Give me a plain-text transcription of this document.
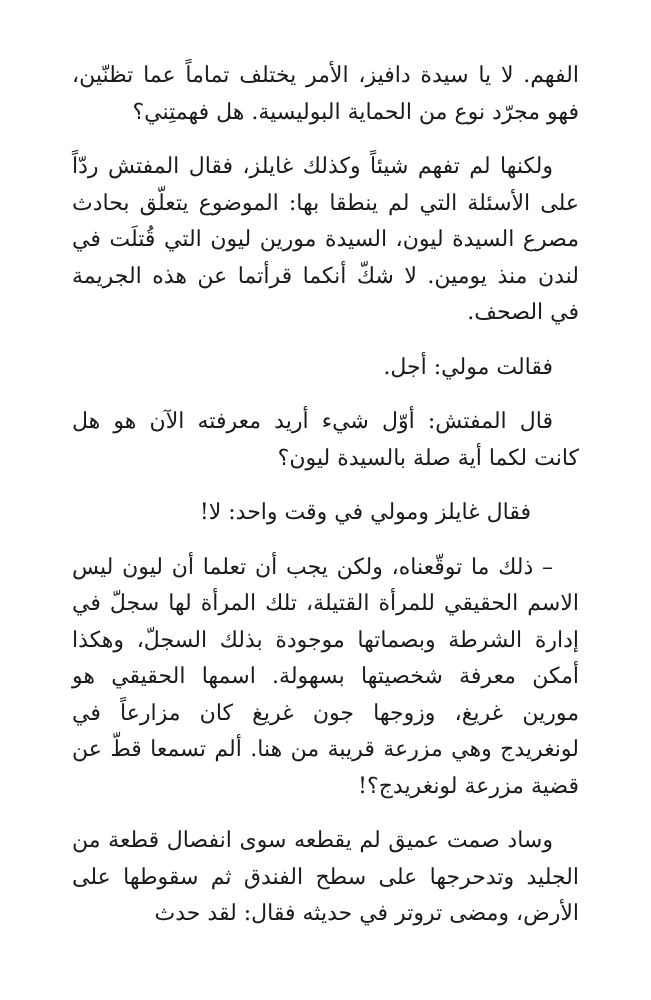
الفهم. لا يا سيدة دافيز، الأمر يختلف تماماً عما تظنّين، فهو مجرّد نوع من الحماية البوليسية. هل فهمتِني؟

ولكنها لم تفهم شيئاً وكذلك غايلز، فقال المفتش ردّاً على الأسئلة التي لم ينطقا بها: الموضوع يتعلّق بحادث مصرع السيدة ليون، السيدة مورين ليون التي قُتلَت في لندن منذ يومين. لا شكّ أنكما قرأتما عن هذه الجريمة في الصحف.

فقالت مولي: أجل.

قال المفتش: أوّل شيء أريد معرفته الآن هو هل كانت لكما أية صلة بالسيدة ليون؟

فقال غايلز ومولي في وقت واحد: لا!

– ذلك ما توقّعناه، ولكن يجب أن تعلما أن ليون ليس الاسم الحقيقي للمرأة القتيلة، تلك المرأة لها سجلّ في إدارة الشرطة وبصماتها موجودة بذلك السجلّ، وهكذا أمكن معرفة شخصيتها بسهولة. اسمها الحقيقي هو مورين غريغ، وزوجها جون غريغ كان مزارعاً في لونغريدج وهي مزرعة قريبة من هنا. ألم تسمعا قطّ عن قضية مزرعة لونغريدج؟!

وساد صمت عميق لم يقطعه سوى انفصال قطعة من الجليد وتدحرجها على سطح الفندق ثم سقوطها على الأرض، ومضى تروتر في حديثه فقال: لقد حدث
